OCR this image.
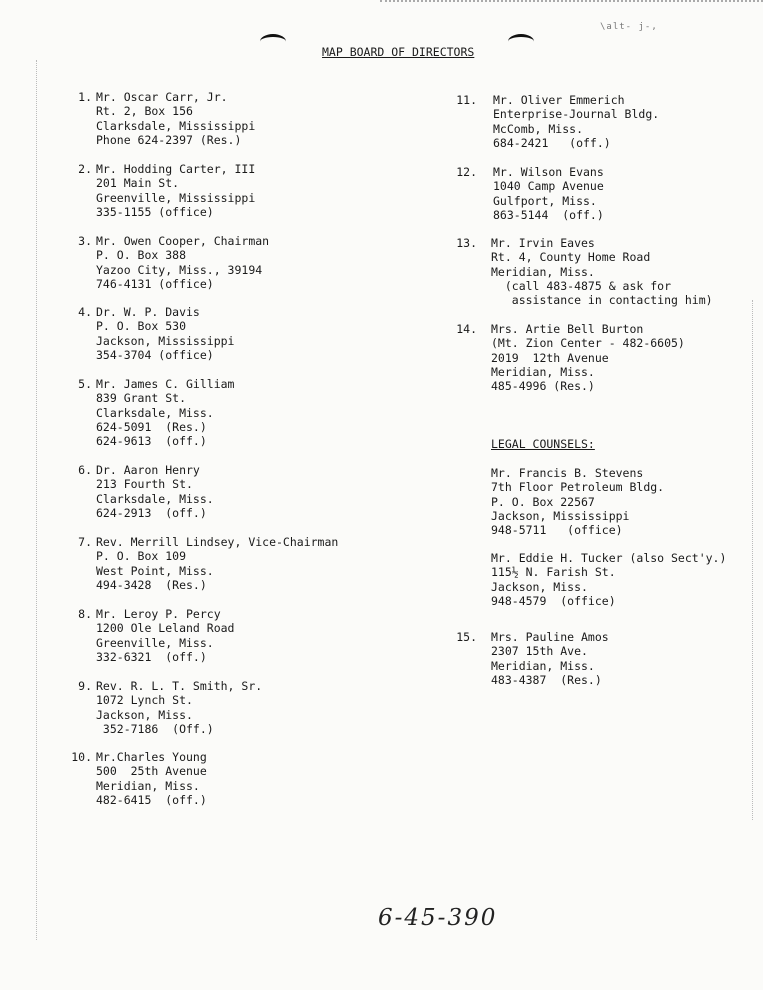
\alt- j-,
MAP BOARD OF DIRECTORS
1. Mr. Oscar Carr, Jr.
Rt. 2, Box 156
Clarksdale, Mississippi
Phone 624-2397 (Res.)
2. Mr. Hodding Carter, III
201 Main St.
Greenville, Mississippi
335-1155 (office)
3. Mr. Owen Cooper, Chairman
P. O. Box 388
Yazoo City, Miss., 39194
746-4131 (office)
4. Dr. W. P. Davis
P. O. Box 530
Jackson, Mississippi
354-3704 (office)
5. Mr. James C. Gilliam
839 Grant St.
Clarksdale, Miss.
624-5091  (Res.)
624-9613  (off.)
6. Dr. Aaron Henry
213 Fourth St.
Clarksdale, Miss.
624-2913  (off.)
7. Rev. Merrill Lindsey, Vice-Chairman
P. O. Box 109
West Point, Miss.
494-3428  (Res.)
8. Mr. Leroy P. Percy
1200 Ole Leland Road
Greenville, Miss.
332-6321  (off.)
9. Rev. R. L. T. Smith, Sr.
1072 Lynch St.
Jackson, Miss.
352-7186  (Off.)
10. Mr.Charles Young
500  25th Avenue
Meridian, Miss.
482-6415  (off.)
11. Mr. Oliver Emmerich
Enterprise-Journal Bldg.
McComb, Miss.
684-2421   (off.)
12. Mr. Wilson Evans
1040 Camp Avenue
Gulfport, Miss.
863-5144  (off.)
13. Mr. Irvin Eaves
Rt. 4, County Home Road
Meridian, Miss.
(call 483-4875 & ask for
assistance in contacting him)
14. Mrs. Artie Bell Burton
(Mt. Zion Center - 482-6605)
2019  12th Avenue
Meridian, Miss.
485-4996 (Res.)
LEGAL COUNSELS:
Mr. Francis B. Stevens
7th Floor Petroleum Bldg.
P. O. Box 22567
Jackson, Mississippi
948-5711   (office)
Mr. Eddie H. Tucker (also Sect'y.)
115½ N. Farish St.
Jackson, Miss.
948-4579  (office)
15. Mrs. Pauline Amos
2307 15th Ave.
Meridian, Miss.
483-4387  (Res.)
6-45-390
